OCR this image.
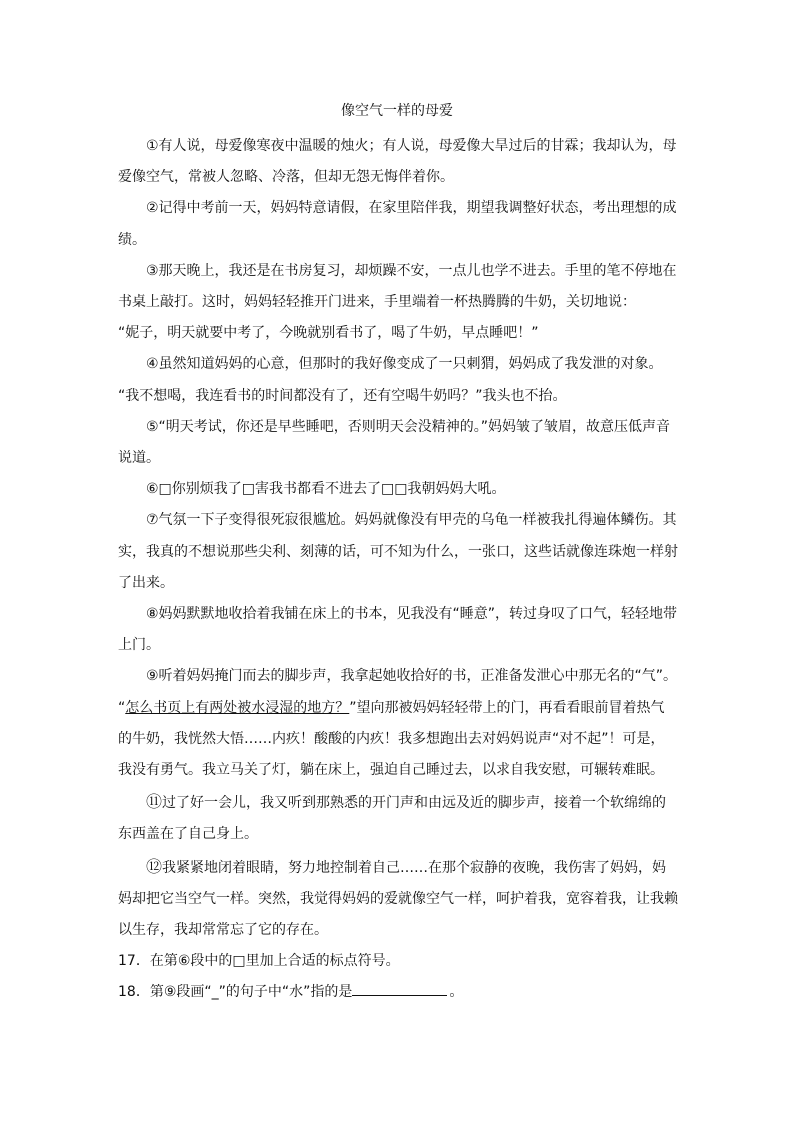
像空气一样的母爱

①有人说，母爱像寒夜中温暖的烛火；有人说，母爱像大旱过后的甘霖；我却认为，母爱像空气，常被人忽略、冷落，但却无怨无悔伴着你。

②记得中考前一天，妈妈特意请假，在家里陪伴我，期望我调整好状态，考出理想的成绩。

③那天晚上，我还是在书房复习，却烦躁不安，一点儿也学不进去。手里的笔不停地在书桌上敲打。这时，妈妈轻轻推开门进来，手里端着一杯热腾腾的牛奶，关切地说：

“妮子，明天就要中考了，今晚就别看书了，喝了牛奶，早点睡吧！”

④虽然知道妈妈的心意，但那时的我好像变成了一只刺猬，妈妈成了我发泄的对象。

“我不想喝，我连看书的时间都没有了，还有空喝牛奶吗？”我头也不抬。

⑤“明天考试，你还是早些睡吧，否则明天会没精神的。”妈妈皱了皱眉，故意压低声音说道。

⑥□你别烦我了□害我书都看不进去了□□我朝妈妈大吼。

⑦气氛一下子变得很死寂很尴尬。妈妈就像没有甲壳的乌龟一样被我扎得遍体鳞伤。其实，我真的不想说那些尖利、刻薄的话，可不知为什么，一张口，这些话就像连珠炮一样射了出来。

⑧妈妈默默地收拾着我铺在床上的书本，见我没有“睡意”，转过身叹了口气，轻轻地带上门。

⑨听着妈妈掩门而去的脚步声，我拿起她收拾好的书，正准备发泄心中那无名的“气”。

“怎么书页上有两处被水浸湿的地方？”望向那被妈妈轻轻带上的门，再看看眼前冒着热气的牛奶，我恍然大悟……内疚！酸酸的内疚！我多想跑出去对妈妈说声“对不起”！可是，我没有勇气。我立马关了灯，躺在床上，强迫自己睡过去，以求自我安慰，可辗转难眠。

⑪过了好一会儿，我又听到那熟悉的开门声和由远及近的脚步声，接着一个软绵绵的东西盖在了自己身上。

⑫我紧紧地闭着眼睛，努力地控制着自己……在那个寂静的夜晚，我伤害了妈妈，妈妈却把它当空气一样。突然，我觉得妈妈的爱就像空气一样，呵护着我，宽容着我，让我赖以生存，我却常常忘了它的存在。

17．在第⑥段中的□里加上合适的标点符号。

18．第⑨段画“_”的句子中“水”指的是	。
